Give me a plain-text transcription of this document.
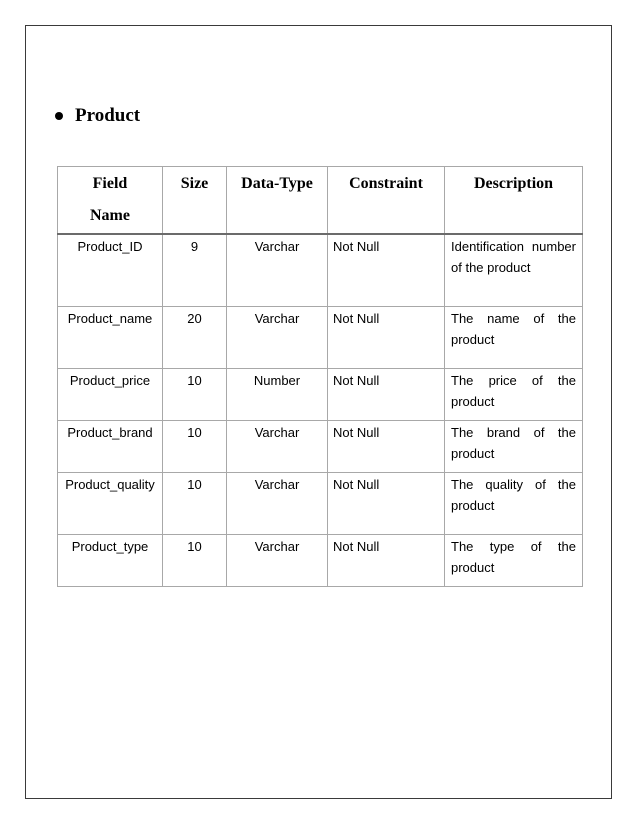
Product
Field
Name	Size	Data-Type	Constraint	Description
Product_ID	9	Varchar	Not Null	Identification number of the product
Product_name	20	Varchar	Not Null	The name of the product
Product_price	10	Number	Not Null	The price of the product
Product_brand	10	Varchar	Not Null	The brand of the product
Product_quality	10	Varchar	Not Null	The quality of the product
Product_type	10	Varchar	Not Null	The type of the product
